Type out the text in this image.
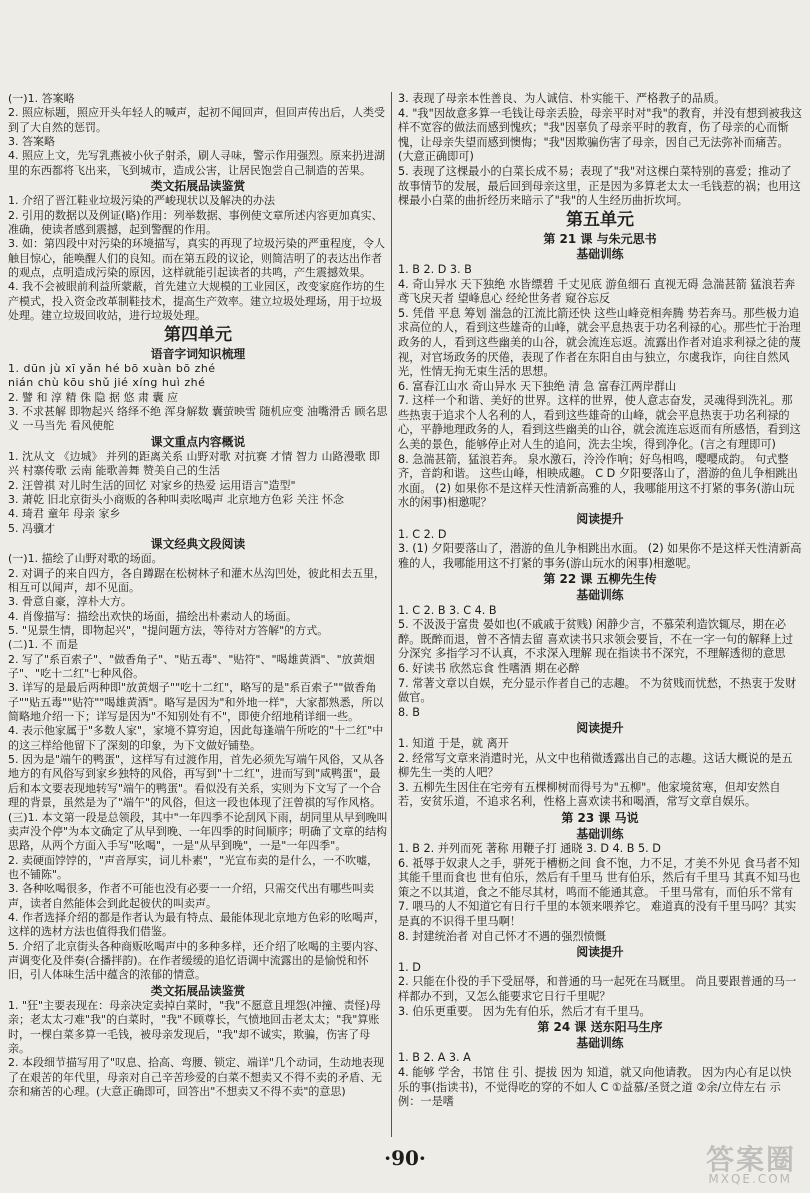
(一)1. 答案略
2. 照应标题，照应开头年轻人的喊声，起初不闻回声，但回声传出后，人类受到了大自然的惩罚。
3. 答案略
4. 照应上文，先写乳燕被小伙子射杀，刷人寻味，警示作用强烈。原来扔进湖里的东西都将飞出来，飞到城市，造成公害，让居民饱尝自己制造的苦果。
类文拓展品读鉴赏
1. 介绍了晋江鞋业垃圾污染的严峻现状以及解决的办法
2. 引用的数据以及例证(略)作用：列举数据、事例使文章所述内容更加真实、准确，使读者感到震撼，起到警醒的作用。
3. 如：第四段中对污染的环境描写，真实的再现了垃圾污染的严重程度，令人触目惊心，能唤醒人们的良知。而在第五段的议论，则简洁明了的表达出作者的观点，点明造成污染的原因，这样就能引起读者的共鸣，产生震撼效果。
4. 我不会被眼前利益所蒙蔽，首先建立大规模的工业园区，改变家庭作坊的生产模式，投入资金改革制鞋技术，提高生产效率。建立垃圾处理场，用于垃圾处理。建立垃圾回收站，进行垃圾处理。
第四单元
语音字词知识梳理
1. dūn jù xī yǎn hé bō xuàn bō zhé
nián chù kōu shǔ jié xíng huì zhé
2. 譬 和 淳 精 侏 隐 据 悠 肃 囊 应
3. 不求甚解 即物起兴 络绎不绝 浑身解数 囊萤映雪 随机应变 油嘴滑舌 顾名思义 一马当先 看风使舵
课文重点内容概说
1. 沈从文 《边城》 并列的距离关系 山野对歌 对抗赛 才情 智力 山路漫歌 即兴 村寨传歌 云南 能歌善舞 赞美自己的生活
2. 汪曾祺 对儿时生活的回忆 对家乡的热爱 运用语言"造型"
3. 萧乾 旧北京街头小商贩的各种叫卖吆喝声 北京地方色彩 关注 怀念
4. 琦君 童年 母亲 家乡
5. 冯骥才
课文经典文段阅读
(一)1. 描绘了山野对歌的场面。
2. 对调子的来自四方，各自蹲踞在松树林子和灌木丛沟凹处，彼此相去五里，相互可以闻声，却不见面。
3. 骨意自豪，淳朴大方。
4. 肖像描写：描绘出欢快的场面，描绘出朴素动人的场面。
5. "见景生情，即物起兴"，"提问题方法，等待对方答解"的方式。
(二)1. 不 而是
2. 写了"系百索子"、"做香角子"、"贴五毒"、"贴符"、"喝雄黄酒"、"放黄烟子"、"吃十二红"七种风俗。
3. 详写的是最后两种即"放黄烟子""吃十二红"，略写的是"系百索子""做香角子""贴五毒""贴符""喝雄黄酒"。略写是因为"和外地一样"，大家都熟悉，所以简略地介绍一下；详写是因为"不知别处有不"，即使介绍地稍详细一些。
4. 表示他家属于"多数人家"，家境不算穷迫，因此每逢端午所吃的"十二红"中的这三样给他留下了深刻的印象，为下文做好铺垫。
5. 因为是"端午的鸭蛋"，这样写有过渡作用，首先必须先写端午风俗，又从各地方的有风俗写到家乡独特的风俗，再写到"十二红"，进而写到"咸鸭蛋"，最后和本文要表现地转写"端午的鸭蛋"。看似没有关系，实则为下文写了一个合理的背景，虽然是为了"端午"的风俗，但这一段也体现了汪曾祺的写作风格。
(三)1. 本文第一段是总领段，其中"一年四季不论刮风下雨，胡同里从早到晚叫卖声没个停"为本文确定了从早到晚、一年四季的时间顺序；明确了文章的结构思路，从两个方面入手写"吆喝"，一是"从早到晚"，一是"一年四季"。
2. 卖硬面饽饽的，"声音厚实，词儿朴素"，"光宣布卖的是什么，一不吹嘘，也不铺陈"。
3. 各种吆喝很多，作者不可能也没有必要一一介绍，只需交代出有哪些叫卖声，读者自然能体会到此起彼伏的叫卖声。
4. 作者选择介绍的都是作者认为最有特点、最能体现北京地方色彩的吆喝声，这样的选材方法也值得我们借鉴。
5. 介绍了北京街头各种商贩吆喝声中的多种多样，还介绍了吆喝的主要内容、声调变化及伴奏(合播拌韵)。在作者缓缓的追忆语调中流露出的是愉悦和怀旧，引人体味生活中蕴含的浓郁的情意。
类文拓展品读鉴赏
1. "狂"主要表现在：母亲决定卖掉白菜时，"我"不愿意且埋怨(冲撞、责怪)母亲；老太太刁难"我"的白菜时，"我"不顾尊长，气愤地回击老太太；"我"算账时，一棵白菜多算一毛钱，被母亲发现后，"我"却不诚实，欺骗，伤害了母亲。
2. 本段细节描写用了"叹息、拾高、弯腰、锁定、端详"几个动词，生动地表现了在艰苦的年代里，母亲对自己辛苦珍爱的白菜不想卖又不得不卖的矛盾、无奈和痛苦的心理。(大意正确即可，回答出"不想卖又不得不卖"的意思)
3. 表现了母亲本性善良、为人诚信、朴实能干、严格教子的品质。
4. "我"因故意多算一毛钱让母亲丢脸，母亲平时对"我"的教育，并没有想到被我这样不宽容的做法而感到愧疚；"我"因辜负了母亲平时的教育，伤了母亲的心而惭愧，让母亲失望而感到懊悔；"我"因欺骗伤害了母亲，因自己无法弥补而痛苦。(大意正确即可)
5. 表现了这棵最小的白菜长成不易；表现了"我"对这棵白菜特别的喜爱；推动了故事情节的发展，最后回到母亲这里，正是因为多算老太太一毛钱惹的祸；也用这棵最小白菜的曲折经历来暗示了"我"的人生经历曲折坎坷。
第五单元
第 21 课 与朱元思书
基础训练
1. B 2. D 3. B
4. 奇山异水 天下独绝 水皆缥碧 千丈见底 游鱼细石 直视无碍 急湍甚箭 猛浪若奔 鸢飞戾天者 望峰息心 经纶世务者 窥谷忘反
5. 凭借 平息 筹划 湍急的江流比箭还快 这些山峰竞相奔腾 势若奔马。那些极力追求高位的人，看到这些雄奇的山峰，就会平息热衷于功名利禄的心。那些忙于治理政务的人，看到这些幽美的山谷，就会流连忘返。流露出作者对追求利禄之徒的蔑视，对官场政务的厌倦，表现了作者在东阳自由与独立，尔虞我诈，向往自然风光，性情无拘无束生活的思想。
6. 富春江山水 奇山异水 天下独绝 清 急 富春江两岸群山
7. 这样一个和谐、美好的世界。这样的世界，使人意志奋发，灵魂得到洗礼。那些热衷于追求个人名利的人，看到这些雄奇的山峰，就会平息热衷于功名利禄的心，平静地理政务的人，看到这些幽美的山谷，就会流连忘返而有所感悟，看到这么美的景色，能够停止对人生的追问，洗去尘埃，得到净化。(言之有理即可)
8. 急湍甚箭，猛浪若奔。 泉水激石，泠泠作响；好鸟相鸣，嘤嘤成韵。 句式整齐，音韵和谐。 这些山峰，相映成趣。 C D 夕阳要落山了，潜游的鱼儿争相跳出水面。 (2) 如果你不是这样天性清新高雅的人，我哪能用这不打紧的事务(游山玩水的闲事)相邀呢？
阅读提升
1. C 2. D
3. (1) 夕阳要落山了，潜游的鱼儿争相跳出水面。 (2) 如果你不是这样天性清新高雅的人，我哪能用这不打紧的事务(游山玩水的闲事)相邀呢。
第 22 课 五柳先生传
基础训练
1. C 2. B 3. C 4. B
5. 不汲汲于富贵 晏如也(不戚戚于贫贱) 闲静少言，不慕荣利造饮辄尽，期在必醉。既醉而退，曾不吝情去留 喜欢读书只求领会要旨，不在一字一句的解释上过分深究 多指学习不认真，不求深入理解 现在指读书不深究，不理解透彻的意思
6. 好读书 欣然忘食 性嗜酒 期在必醉
7. 常著文章以自娱，充分显示作者自己的志趣。 不为贫贱而忧愁，不热衷于发财做官。
8. B
阅读提升
1. 知道 于是，就 离开
2. 经常写文章来消遣时光，从文中也稍微透露出自己的志趣。这话大概说的是五柳先生一类的人吧？
3. 五柳先生因住在宅旁有五棵柳树而得号为"五柳"。他家境贫寒，但却安然自若，安贫乐道，不追求名利，性格上喜欢读书和喝酒，常写文章自娱乐。
第 23 课 马说
基础训练
1. B 2. 并列而死 著称 用鞭子打 通晓 3. D 4. B 5. D
6. 祗辱于奴隶人之手，骈死于槽枥之间 食不饱，力不足，才美不外见 食马者不知其能千里而食也 世有伯乐，然后有千里马 世有伯乐，然后有千里马 其真不知马也 策之不以其道，食之不能尽其材，鸣而不能通其意。 千里马常有，而伯乐不常有
7. 喂马的人不知道它有日行千里的本领来喂养它。 难道真的没有千里马吗？其实是真的不识得千里马啊！
8. 封建统治者 对自己怀才不遇的强烈愤慨
阅读提升
1. D
2. 只能在仆役的手下受屈辱，和普通的马一起死在马厩里。 尚且要跟普通的马一样都办不到，又怎么能要求它日行千里呢？
3. 伯乐更重要。 因为先有伯乐，然后才有千里马。
第 24 课 送东阳马生序
基础训练
1. B 2. A 3. A
4. 能够 学舍，书馆 住 引、提拔 因为 知道，就又向他请教。 因为内心有足以快乐的事(指读书)，不觉得吃的穿的不如人 C ①益慕/圣贤之道 ②余/立侍左右 示例：一是嗜
·90·	答案圈
MXQE.COM
